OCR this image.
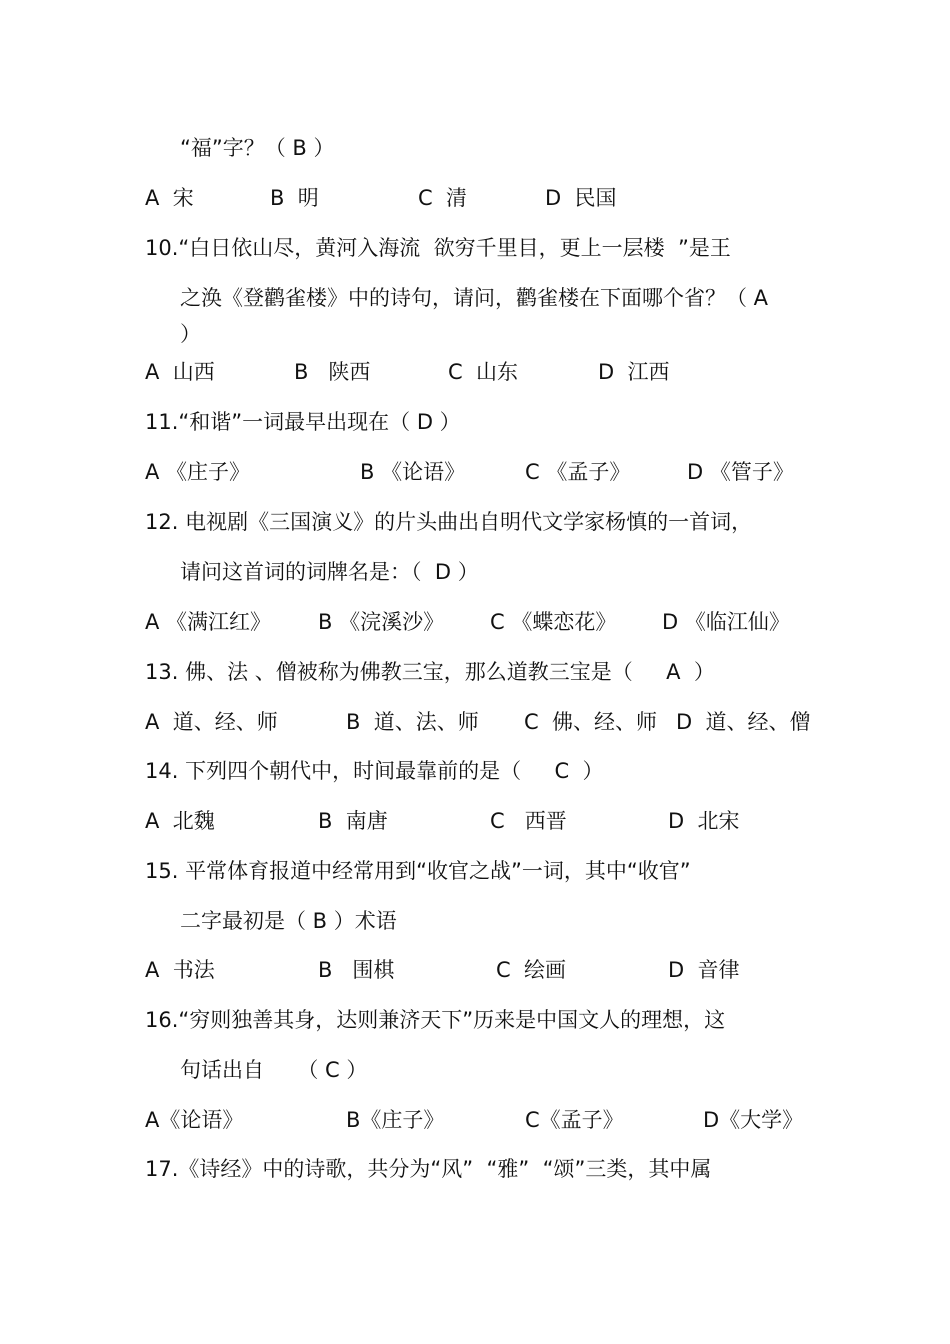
“福”字？（ B ）

A  宋

	B  明

	C  清

	D  民国

10.“白日依山尽，黄河入海流  欲穷千里目，更上一层楼  ”是王

之涣《登鹳雀楼》中的诗句，请问，鹳雀楼在下面哪个省？（ A

）

A  山西

	B   陕西

	C  山东

	D  江西

11.“和谐”一词最早出现在（ D ）

A 《庄子》

	B 《论语》

	C 《孟子》

	D 《管子》

12. 电视剧《三国演义》的片头曲出自明代文学家杨慎的一首词，

请问这首词的词牌名是：（  D ）

A 《满江红》

B 《浣溪沙》

C 《蝶恋花》

D 《临江仙》

13. 佛、法 、僧被称为佛教三宝，那么道教三宝是（     A  ）

A  道、经、师

	B  道、法、师

C  佛、经、师

D  道、经、僧

14. 下列四个朝代中，时间最靠前的是（     C  ）

A  北魏

	B  南唐

	C   西晋

	D  北宋

15. 平常体育报道中经常用到“收官之战”一词，其中“收官”

二字最初是（ B ）术语

A  书法

	B   围棋

	C  绘画

	D  音律

16.“穷则独善其身，达则兼济天下”历来是中国文人的理想，这

句话出自     （ C ）

A《论语》

	B《庄子》

	C《孟子》

	D《大学》

17.《诗经》中的诗歌，共分为“风”  “雅”  “颂”三类，其中属
